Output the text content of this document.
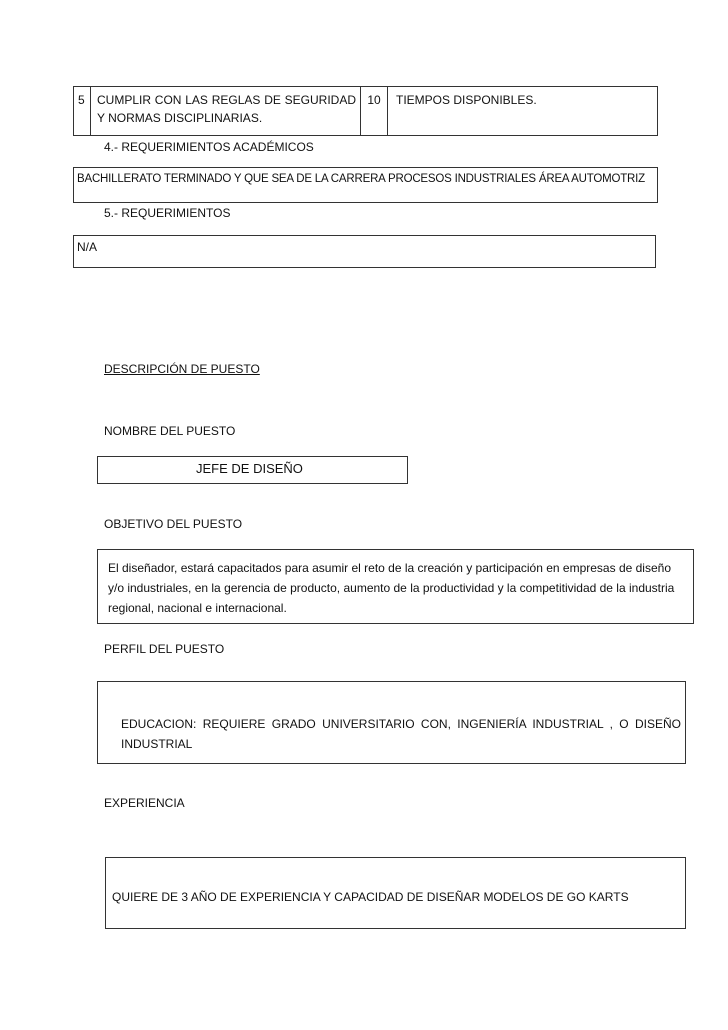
5	CUMPLIR CON LAS REGLAS DE SEGURIDAD Y NORMAS DISCIPLINARIAS.
10	TIEMPOS DISPONIBLES.
4.- REQUERIMIENTOS ACADÉMICOS
BACHILLERATO TERMINADO Y QUE SEA DE LA CARRERA PROCESOS INDUSTRIALES ÁREA AUTOMOTRIZ
5.- REQUERIMIENTOS
N/A
DESCRIPCIÓN DE PUESTO
NOMBRE DEL PUESTO
JEFE DE DISEÑO
OBJETIVO DEL PUESTO
El diseñador, estará capacitados para asumir el reto de la creación y participación en empresas de diseño y/o industriales, en la gerencia de producto, aumento de la productividad y la competitividad de la industria regional, nacional e internacional.
PERFIL DEL PUESTO
EDUCACION: REQUIERE GRADO UNIVERSITARIO CON, INGENIERÍA INDUSTRIAL , O DISEÑO INDUSTRIAL
EXPERIENCIA
QUIERE DE 3 AÑO DE EXPERIENCIA Y CAPACIDAD DE DISEÑAR MODELOS DE GO KARTS
